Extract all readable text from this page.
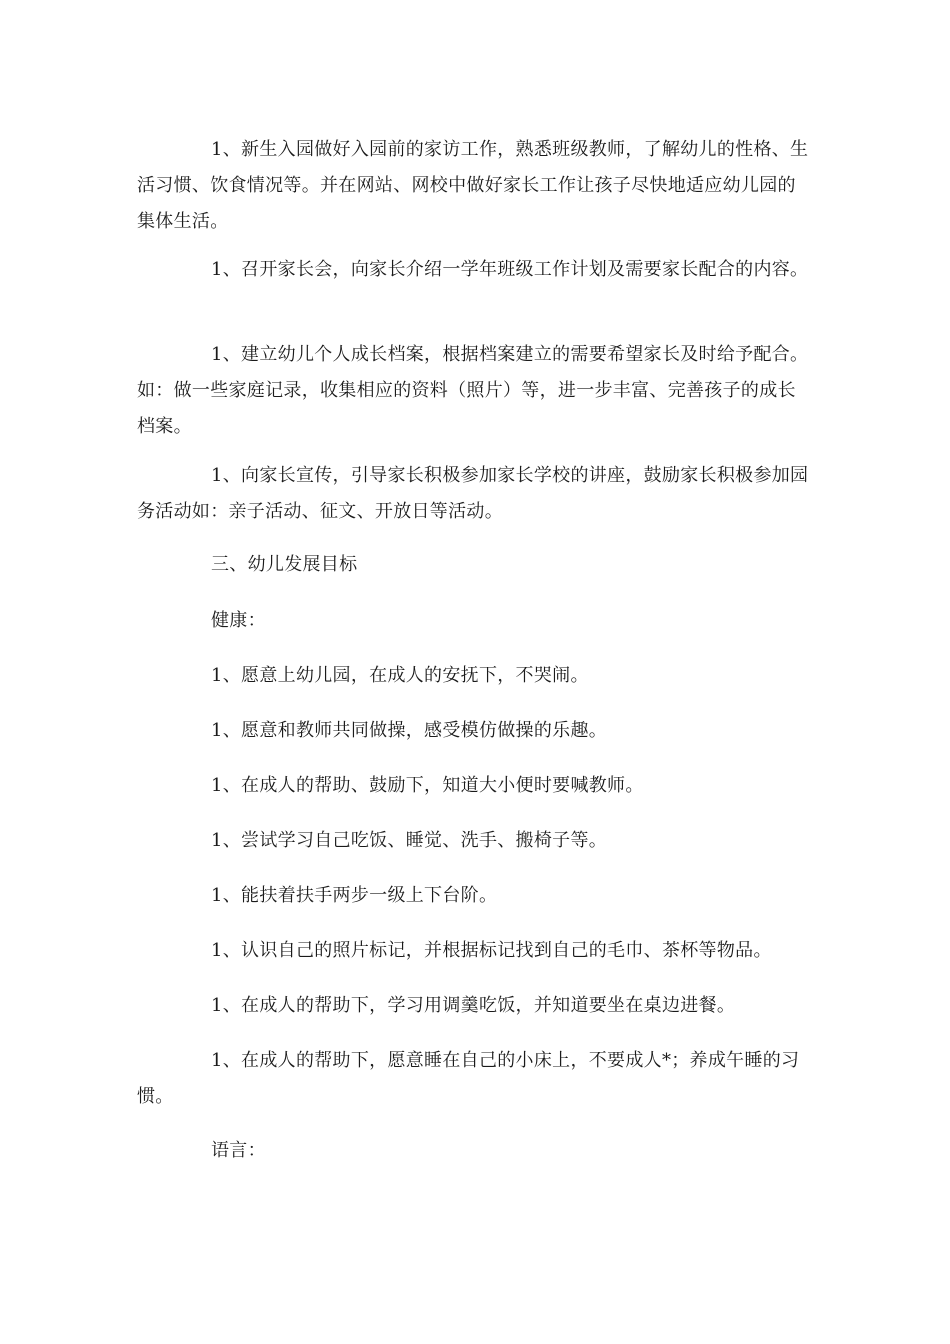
1、新生入园做好入园前的家访工作，熟悉班级教师，了解幼儿的性格、生活习惯、饮食情况等。并在网站、网校中做好家长工作让孩子尽快地适应幼儿园的集体生活。

1、召开家长会，向家长介绍一学年班级工作计划及需要家长配合的内容。

1、建立幼儿个人成长档案，根据档案建立的需要希望家长及时给予配合。如：做一些家庭记录，收集相应的资料（照片）等，进一步丰富、完善孩子的成长档案。

1、向家长宣传，引导家长积极参加家长学校的讲座，鼓励家长积极参加园务活动如：亲子活动、征文、开放日等活动。

三、幼儿发展目标

健康：

1、愿意上幼儿园，在成人的安抚下，不哭闹。

1、愿意和教师共同做操，感受模仿做操的乐趣。

1、在成人的帮助、鼓励下，知道大小便时要喊教师。

1、尝试学习自己吃饭、睡觉、洗手、搬椅子等。

1、能扶着扶手两步一级上下台阶。

1、认识自己的照片标记，并根据标记找到自己的毛巾、茶杯等物品。

1、在成人的帮助下，学习用调羹吃饭，并知道要坐在桌边进餐。

1、在成人的帮助下，愿意睡在自己的小床上，不要成人*；养成午睡的习惯。

语言：
